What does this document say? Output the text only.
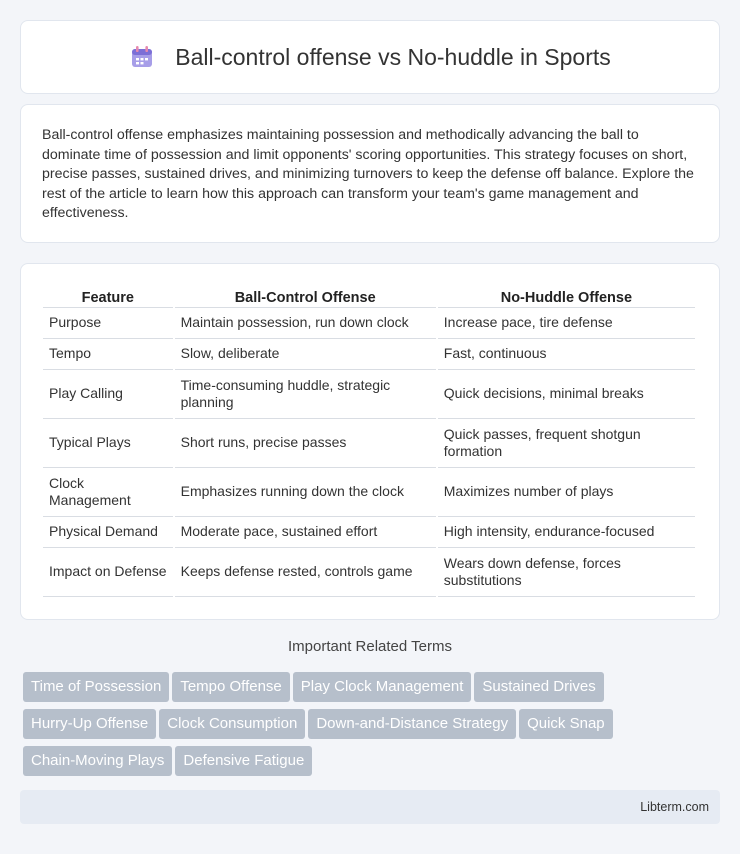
Ball-control offense vs No-huddle in Sports

Ball-control offense emphasizes maintaining possession and methodically advancing the ball to dominate time of possession and limit opponents' scoring opportunities. This strategy focuses on short, precise passes, sustained drives, and minimizing turnovers to keep the defense off balance. Explore the rest of the article to learn how this approach can transform your team's game management and effectiveness.

Feature	Ball-Control Offense	No-Huddle Offense
Purpose	Maintain possession, run down clock	Increase pace, tire defense
Tempo	Slow, deliberate	Fast, continuous
Play Calling	Time-consuming huddle, strategic planning	Quick decisions, minimal breaks
Typical Plays	Short runs, precise passes	Quick passes, frequent shotgun formation
Clock Management	Emphasizes running down the clock	Maximizes number of plays
Physical Demand	Moderate pace, sustained effort	High intensity, endurance-focused
Impact on Defense	Keeps defense rested, controls game	Wears down defense, forces substitutions
Important Related Terms
Time of Possession Tempo Offense Play Clock Management Sustained Drives
Hurry-Up Offense Clock Consumption Down-and-Distance Strategy Quick Snap
Chain-Moving Plays Defensive Fatigue
Libterm.com
